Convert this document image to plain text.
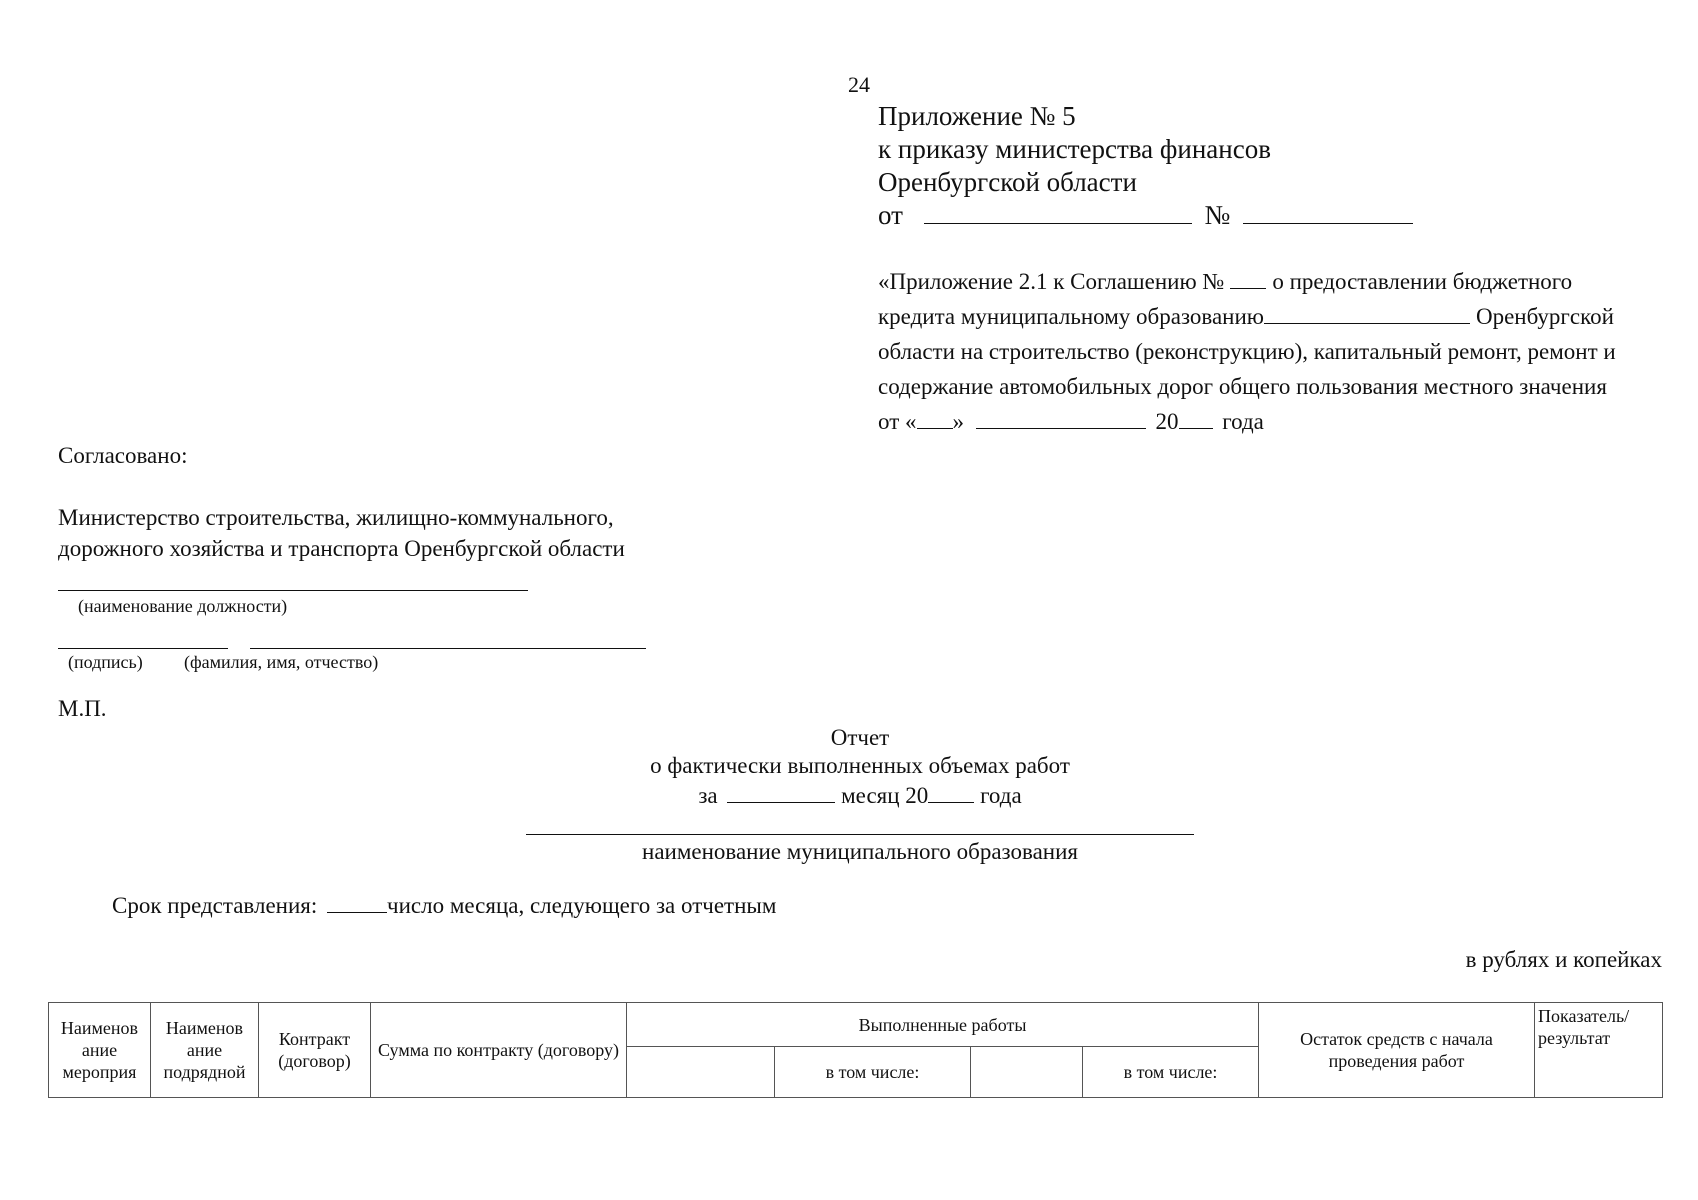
24
Приложение № 5
к приказу министерства финансов
Оренбургской области
от	№
«Приложение 2.1 к Соглашению № о предоставлении бюджетного
кредита муниципальному образованию	Оренбургской
области на строительство (реконструкцию), капитальный ремонт, ремонт и
содержание автомобильных дорог общего пользования местного значения
от « »	20 года
Согласовано:
Министерство строительства, жилищно-коммунального,
дорожного хозяйства и транспорта Оренбургской области
(наименование должности)
(подпись) (фамилия, имя, отчество)
М.П.
Отчет
о фактически выполненных объемах работ
за	месяц 20 года
наименование муниципального образования
Срок представления:	число месяца, следующего за отчетным
в рублях и копейках
Наименов ание мероприя	Наименов ание подрядной	Контракт (договор)	Сумма по контракту (договору)	Выполненные работы				Остаток средств с начала проведения работ	Показатель/ результат
					в том числе:		в том числе:		
